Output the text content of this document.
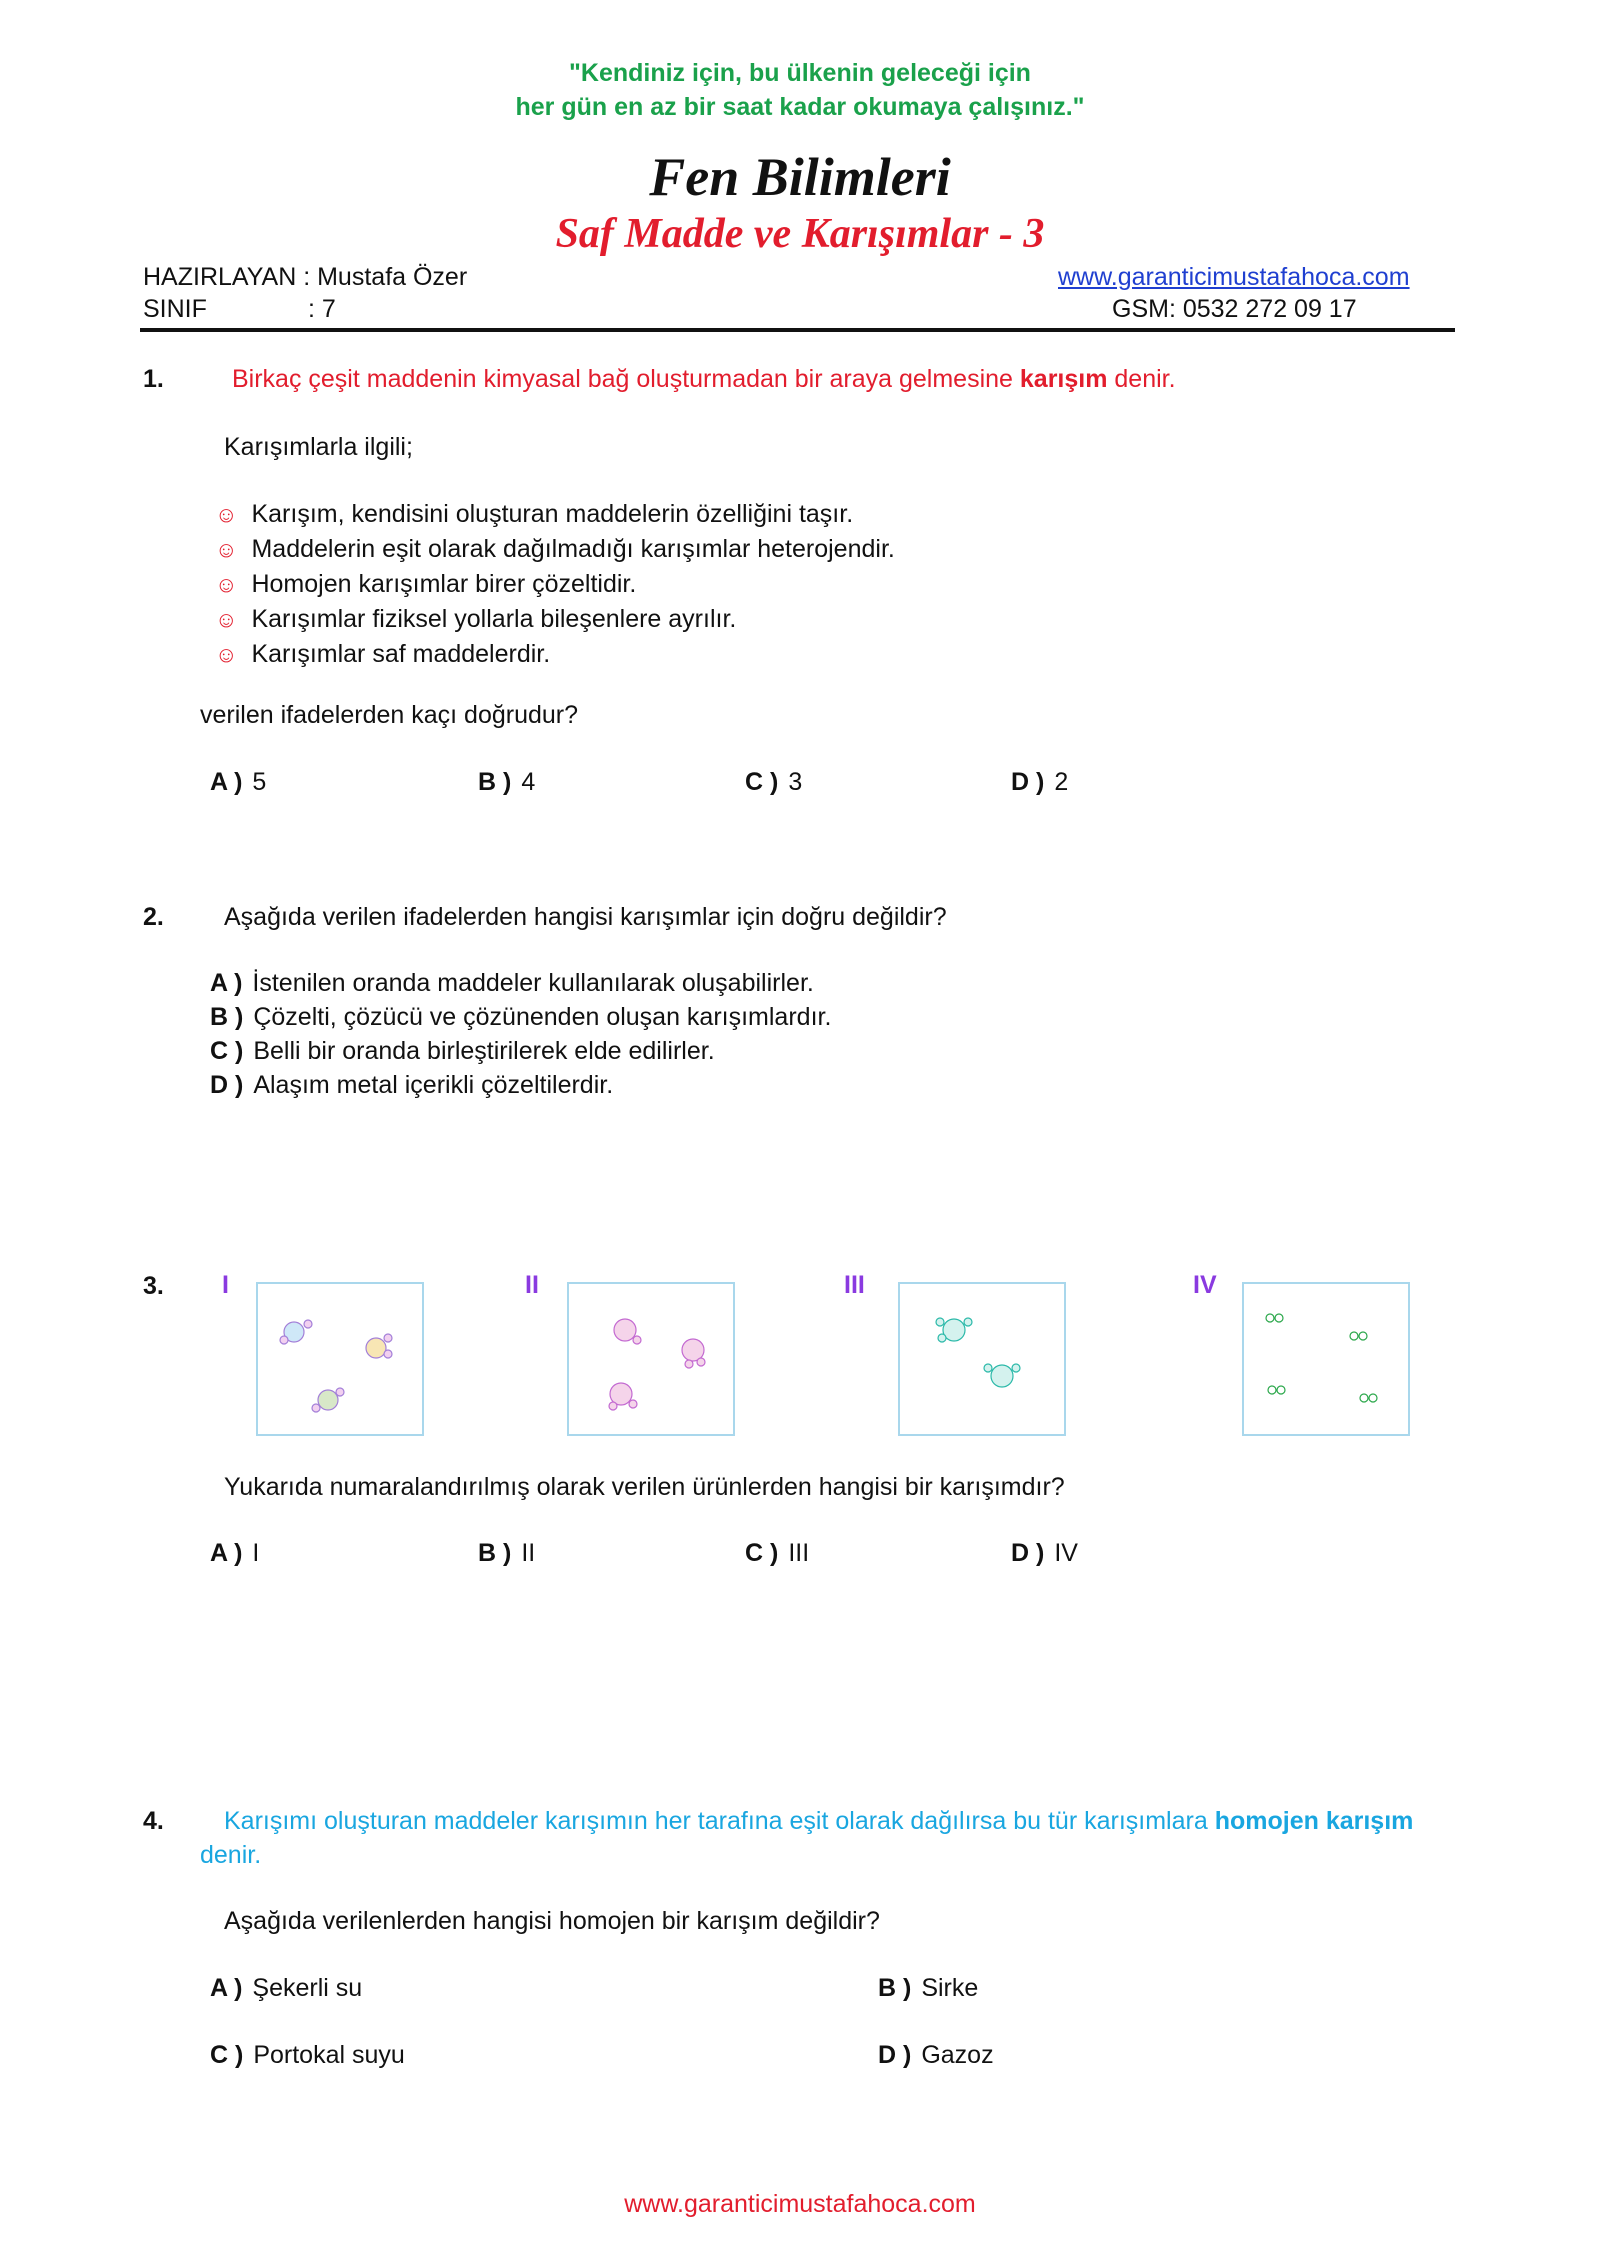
"Kendiniz için, bu ülkenin geleceği için
her gün en az bir saat kadar okumaya çalışınız."
Fen Bilimleri
Saf Madde ve Karışımlar - 3
HAZIRLAYAN : Mustafa Özer
SINIF	: 7
www.garanticimustafahoca.com
GSM: 0532 272 09 17
1.	Birkaç çeşit maddenin kimyasal bağ oluşturmadan bir araya gelmesine karışım denir.
Karışımlarla ilgili;
☺ Karışım, kendisini oluşturan maddelerin özelliğini taşır.
☺ Maddelerin eşit olarak dağılmadığı karışımlar heterojendir.
☺ Homojen karışımlar birer çözeltidir.
☺ Karışımlar fiziksel yollarla bileşenlere ayrılır.
☺ Karışımlar saf maddelerdir.
verilen ifadelerden kaçı doğrudur?
A ) 5	B ) 4	C ) 3	D ) 2
2. Aşağıda verilen ifadelerden hangisi karışımlar için doğru değildir?
A ) İstenilen oranda maddeler kullanılarak oluşabilirler.
B ) Çözelti, çözücü ve çözünenden oluşan karışımlardır.
C ) Belli bir oranda birleştirilerek elde edilirler.
D ) Alaşım metal içerikli çözeltilerdir.
3. I	II	III	IV
Yukarıda numaralandırılmış olarak verilen ürünlerden hangisi bir karışımdır?
A ) I	B ) II	C ) III	D ) IV
4.	Karışımı oluşturan maddeler karışımın her tarafına eşit olarak dağılırsa bu tür karışımlara homojen karışım denir.
Aşağıda verilenlerden hangisi homojen bir karışım değildir?
A ) Şekerli su	B ) Sirke
C ) Portokal suyu	D ) Gazoz
www.garanticimustafahoca.com
